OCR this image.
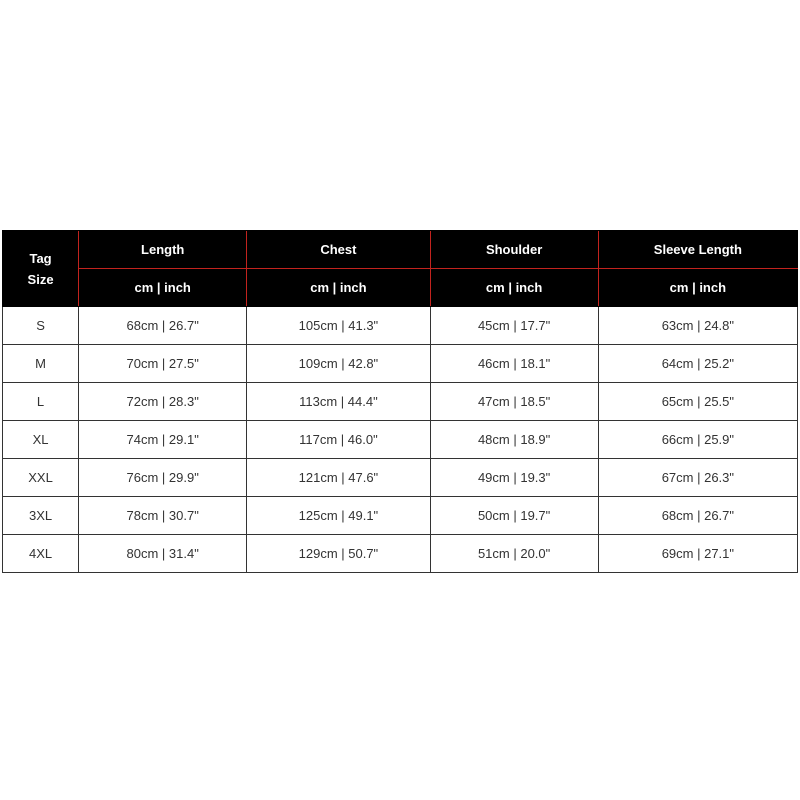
Tag
Size	Length	Chest	Shoulder	Sleeve Length
	cm | inch	cm | inch	cm | inch	cm | inch
S	68cm | 26.7"	105cm | 41.3"	45cm | 17.7"	63cm | 24.8"
M	70cm | 27.5"	109cm | 42.8"	46cm | 18.1"	64cm | 25.2"
L	72cm | 28.3"	113cm | 44.4"	47cm | 18.5"	65cm | 25.5"
XL	74cm | 29.1"	117cm | 46.0"	48cm | 18.9"	66cm | 25.9"
XXL	76cm | 29.9"	121cm | 47.6"	49cm | 19.3"	67cm | 26.3"
3XL	78cm | 30.7"	125cm | 49.1"	50cm | 19.7"	68cm | 26.7"
4XL	80cm | 31.4"	129cm | 50.7"	51cm | 20.0"	69cm | 27.1"
